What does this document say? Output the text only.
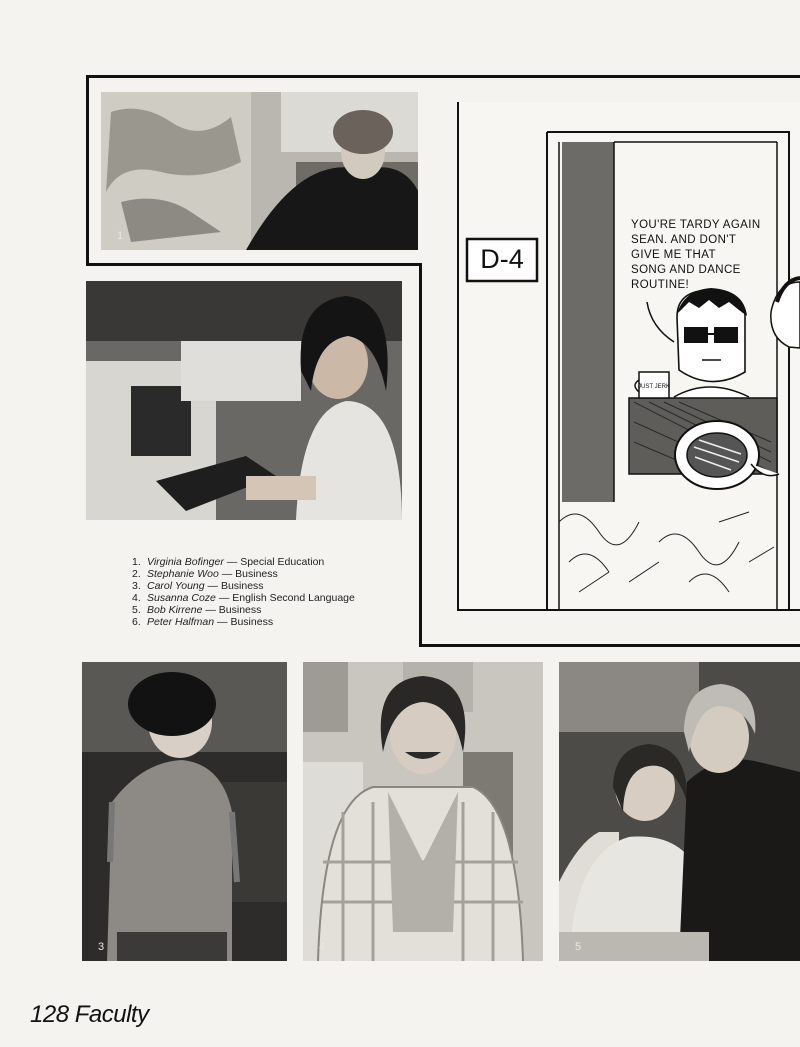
1
1. Virginia Bofinger — Special Education
2. Stephanie Woo — Business
3. Carol Young — Business
4. Susanna Coze — English Second Language
5. Bob Kirrene — Business
6. Peter Halfman — Business
D-4
YOU'RE TARDY AGAIN SEAN. AND DON'T GIVE ME THAT SONG AND DANCE ROUTINE!
JUST JERK
3	4	5
128 Faculty
